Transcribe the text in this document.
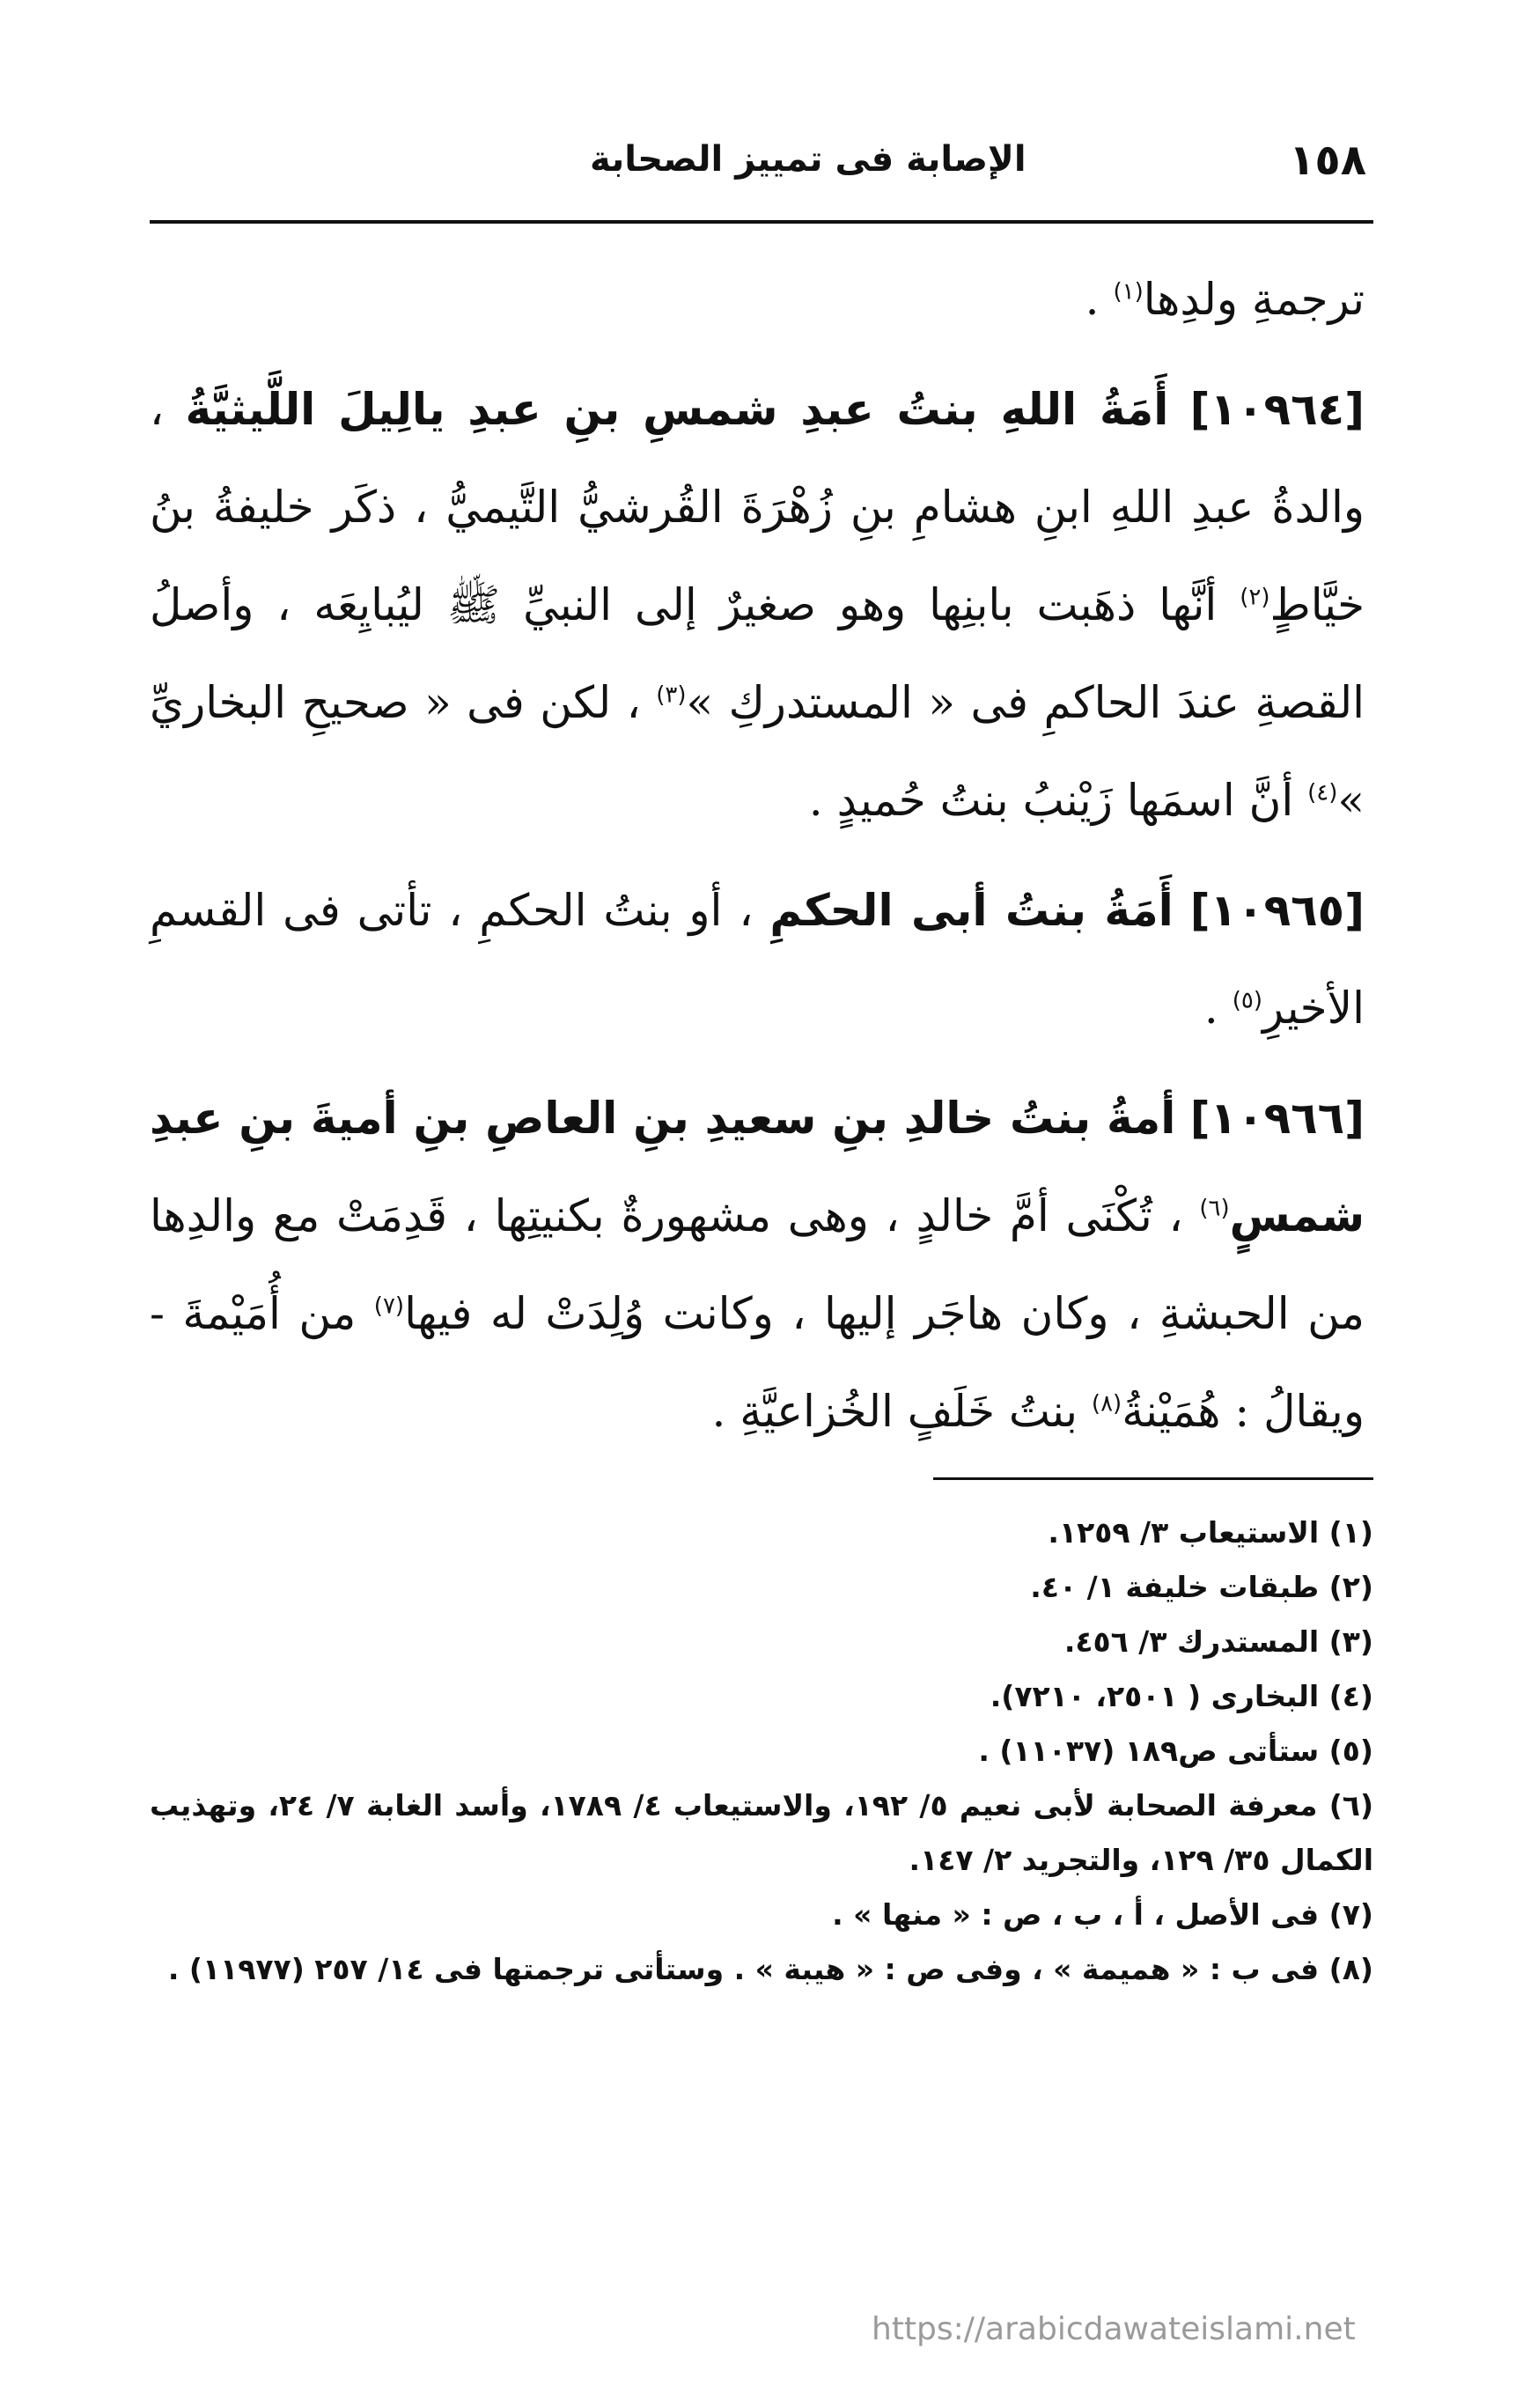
١٥٨
الإصابة فى تمييز الصحابة

ترجمةِ ولدِها$^{(١)}$ .

[١٠٩٦٤] أَمَةُ اللهِ بنتُ عبدِ شمسِ بنِ عبدِ يالِيلَ اللَّيثيَّةُ ، والدةُ عبدِ اللهِ ابنِ هشامِ بنِ زُهْرَةَ القُرشيُّ التَّيميُّ ، ذكَر خليفةُ بنُ خيَّاطٍ$^{(٢)}$ أنَّها ذهَبت بابنِها وهو صغيرٌ إلى النبيِّ ﷺ ليُبايِعَه ، وأصلُ القصةِ عندَ الحاكمِ فى « المستدركِ »$^{(٣)}$ ، لكن فى « صحيحِ البخاريِّ »$^{(٤)}$ أنَّ اسمَها زَيْنبُ بنتُ حُميدٍ .

[١٠٩٦٥] أَمَةُ بنتُ أبى الحكمِ ، أو بنتُ الحكمِ ، تأتى فى القسمِ الأخيرِ$^{(٥)}$ .

[١٠٩٦٦] أمةُ بنتُ خالدِ بنِ سعيدِ بنِ العاصِ بنِ أميةَ بنِ عبدِ شمسٍ$^{(٦)}$ ، تُكْنَى أمَّ خالدٍ ، وهى مشهورةٌ بكنيتِها ، قَدِمَتْ مع والدِها من الحبشةِ ، وكان هاجَر إليها ، وكانت وُلِدَتْ له فيها$^{(٧)}$ من أُمَيْمةَ - ويقالُ : هُمَيْنةُ$^{(٨)}$ بنتُ خَلَفٍ الخُزاعيَّةِ .

(١) الاستيعاب ٣/ ١٢٥٩.

(٢) طبقات خليفة ١/ ٤٠.

(٣) المستدرك ٣/ ٤٥٦.

(٤) البخارى ( ٢٥٠١، ٧٢١٠).

(٥) ستأتى ص١٨٩ (١١٠٣٧) .

(٦) معرفة الصحابة لأبى نعيم ٥/ ١٩٢، والاستيعاب ٤/ ١٧٨٩، وأسد الغابة ٧/ ٢٤، وتهذيب الكمال ٣٥/ ١٢٩، والتجريد ٢/ ١٤٧.

(٧) فى الأصل ، أ ، ب ، ص : « منها » .

(٨) فى ب : « هميمة » ، وفى ص : « هيبة » . وستأتى ترجمتها فى ١٤/ ٢٥٧ (١١٩٧٧) .

https://arabicdawateislami.net
